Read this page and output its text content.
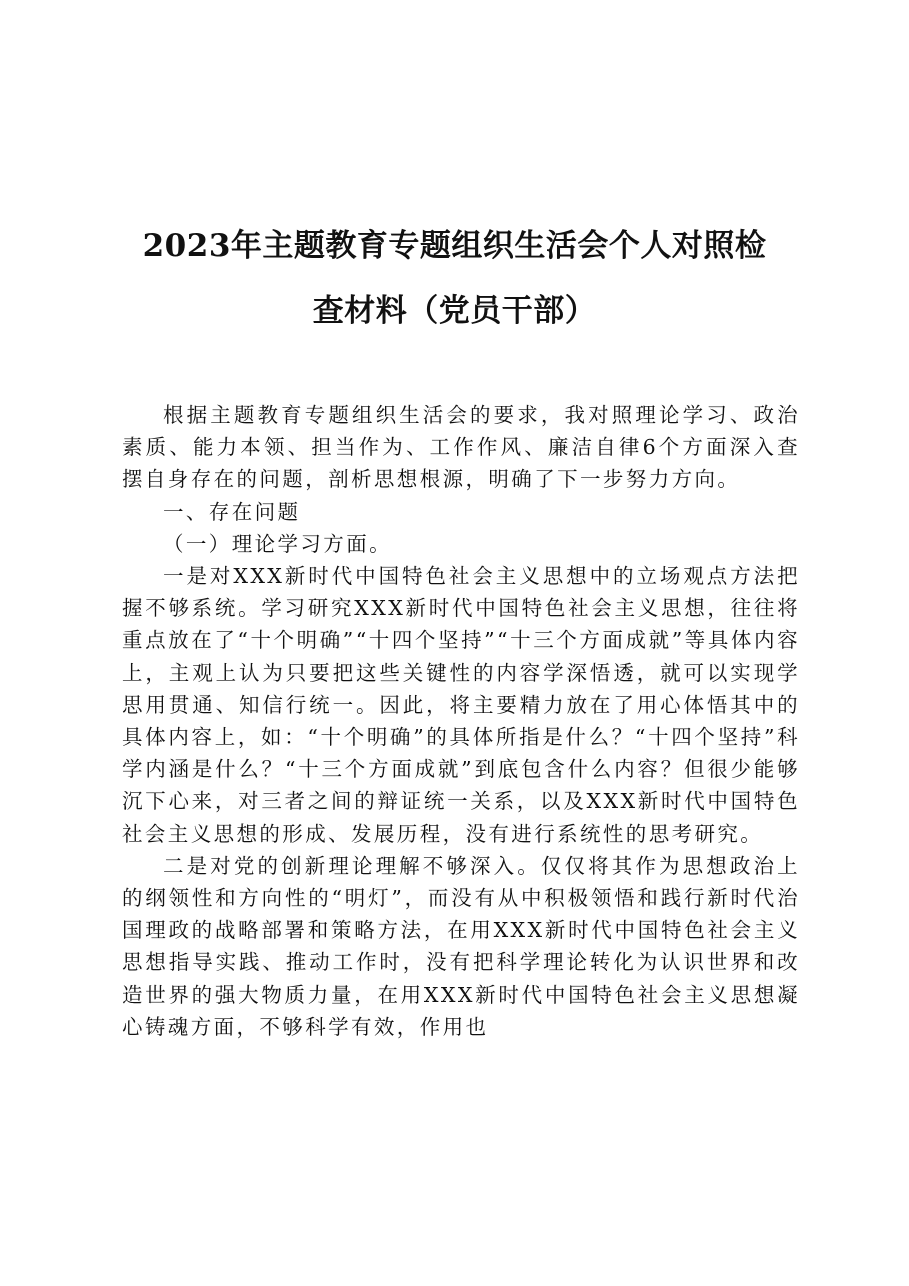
2023年主题教育专题组织生活会个人对照检
查材料（党员干部）

根据主题教育专题组织生活会的要求，我对照理论学习、政治素质、能力本领、担当作为、工作作风、廉洁自律6个方面深入查摆自身存在的问题，剖析思想根源，明确了下一步努力方向。

一、存在问题

（一）理论学习方面。

一是对XXX新时代中国特色社会主义思想中的立场观点方法把握不够系统。学习研究XXX新时代中国特色社会主义思想，往往将重点放在了“十个明确”“十四个坚持”“十三个方面成就”等具体内容上，主观上认为只要把这些关键性的内容学深悟透，就可以实现学思用贯通、知信行统一。因此，将主要精力放在了用心体悟其中的具体内容上，如：“十个明确”的具体所指是什么？“十四个坚持”科学内涵是什么？“十三个方面成就”到底包含什么内容？但很少能够沉下心来，对三者之间的辩证统一关系，以及XXX新时代中国特色社会主义思想的形成、发展历程，没有进行系统性的思考研究。

二是对党的创新理论理解不够深入。仅仅将其作为思想政治上的纲领性和方向性的“明灯”，而没有从中积极领悟和践行新时代治国理政的战略部署和策略方法，在用XXX新时代中国特色社会主义思想指导实践、推动工作时，没有把科学理论转化为认识世界和改造世界的强大物质力量，在用XXX新时代中国特色社会主义思想凝心铸魂方面，不够科学有效，作用也
